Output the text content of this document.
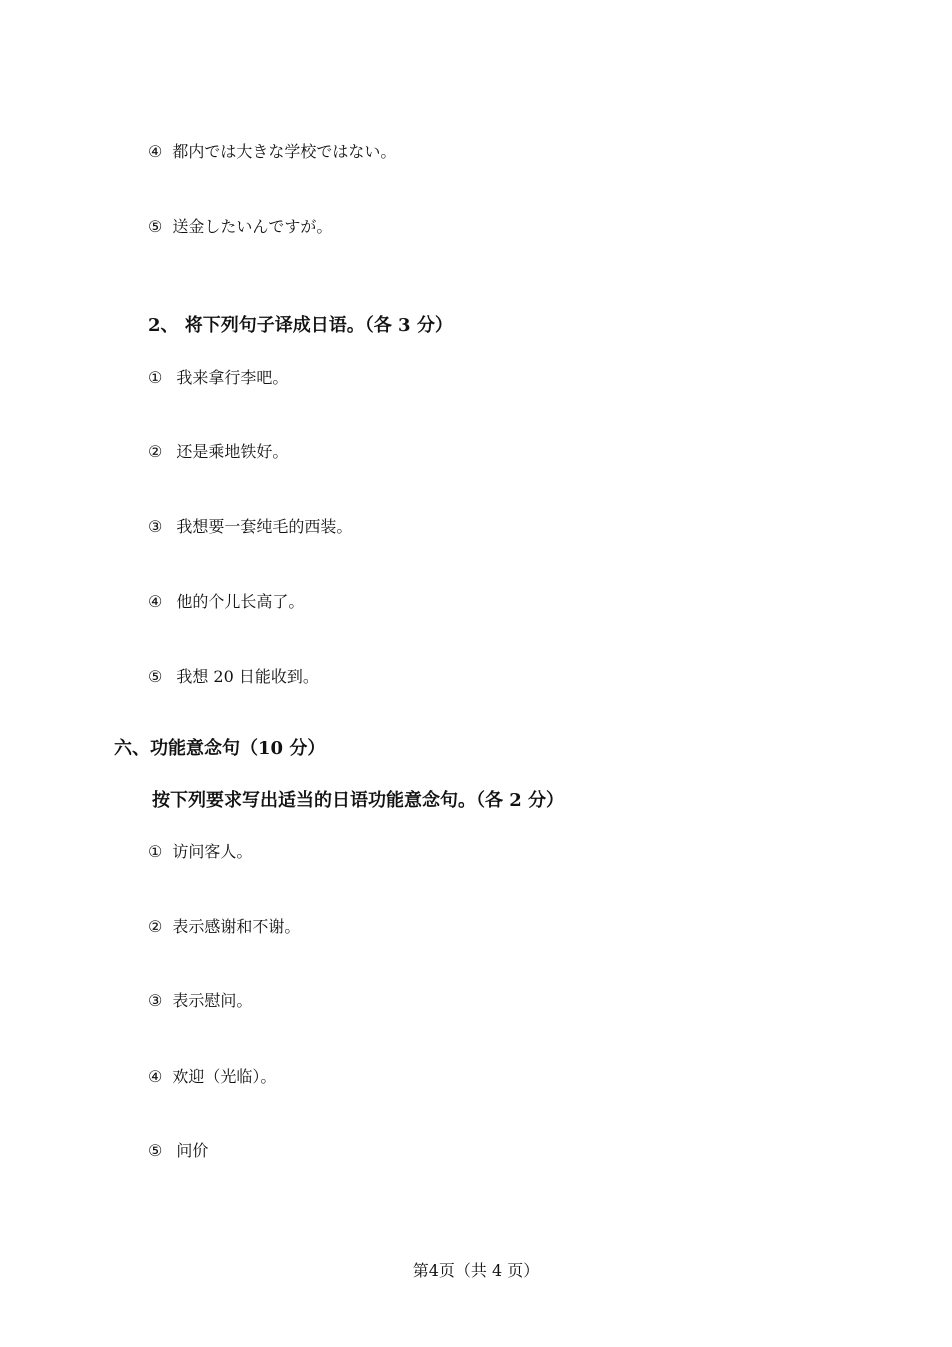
④ 都内では大きな学校ではない。
⑤ 送金したいんですが。
2、 将下列句子译成日语。（各 3 分）
① 我来拿行李吧。
② 还是乘地铁好。
③ 我想要一套纯毛的西装。
④ 他的个儿长高了。
⑤ 我想 20 日能收到。
六、功能意念句（10 分）
按下列要求写出适当的日语功能意念句。（各 2 分）
① 访问客人。
② 表示感谢和不谢。
③ 表示慰问。
④ 欢迎（光临）。
⑤问价
第4页（共 4 页）
